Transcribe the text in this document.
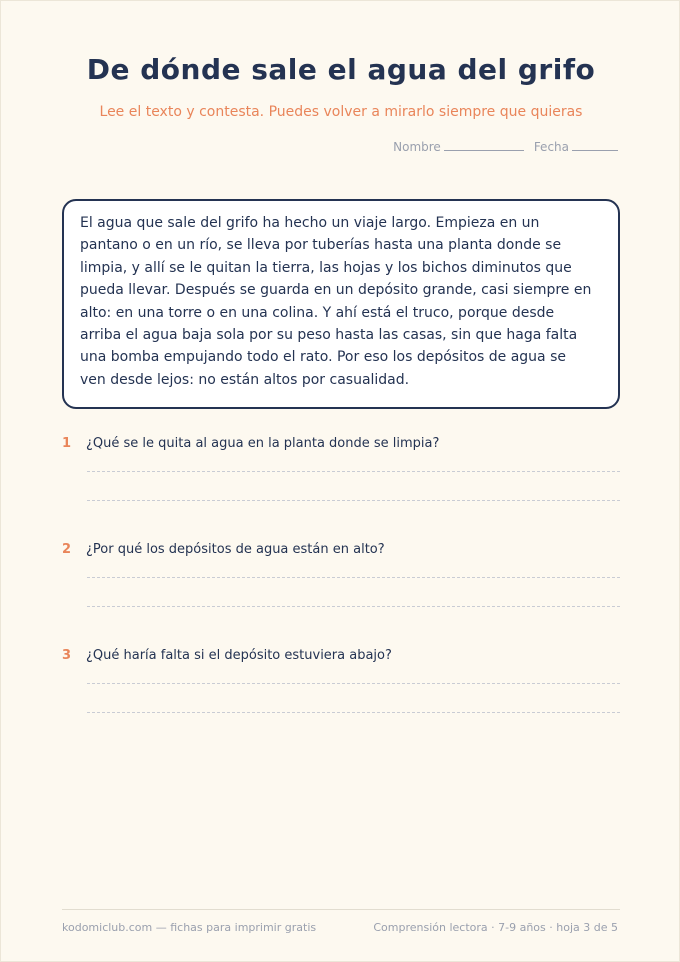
De dónde sale el agua del grifo

Lee el texto y contesta. Puedes volver a mirarlo siempre que quieras

Nombre	Fecha

El agua que sale del grifo ha hecho un viaje largo. Empieza en un

pantano o en un río, se lleva por tuberías hasta una planta donde se

limpia, y allí se le quitan la tierra, las hojas y los bichos diminutos que

pueda llevar. Después se guarda en un depósito grande, casi siempre en

alto: en una torre o en una colina. Y ahí está el truco, porque desde

arriba el agua baja sola por su peso hasta las casas, sin que haga falta

una bomba empujando todo el rato. Por eso los depósitos de agua se

ven desde lejos: no están altos por casualidad.

1	¿Qué se le quita al agua en la planta donde se limpia?
2	¿Por qué los depósitos de agua están en alto?
3	¿Qué haría falta si el depósito estuviera abajo?
kodomiclub.com — fichas para imprimir gratis	Comprensión lectora · 7-9 años · hoja 3 de 5
